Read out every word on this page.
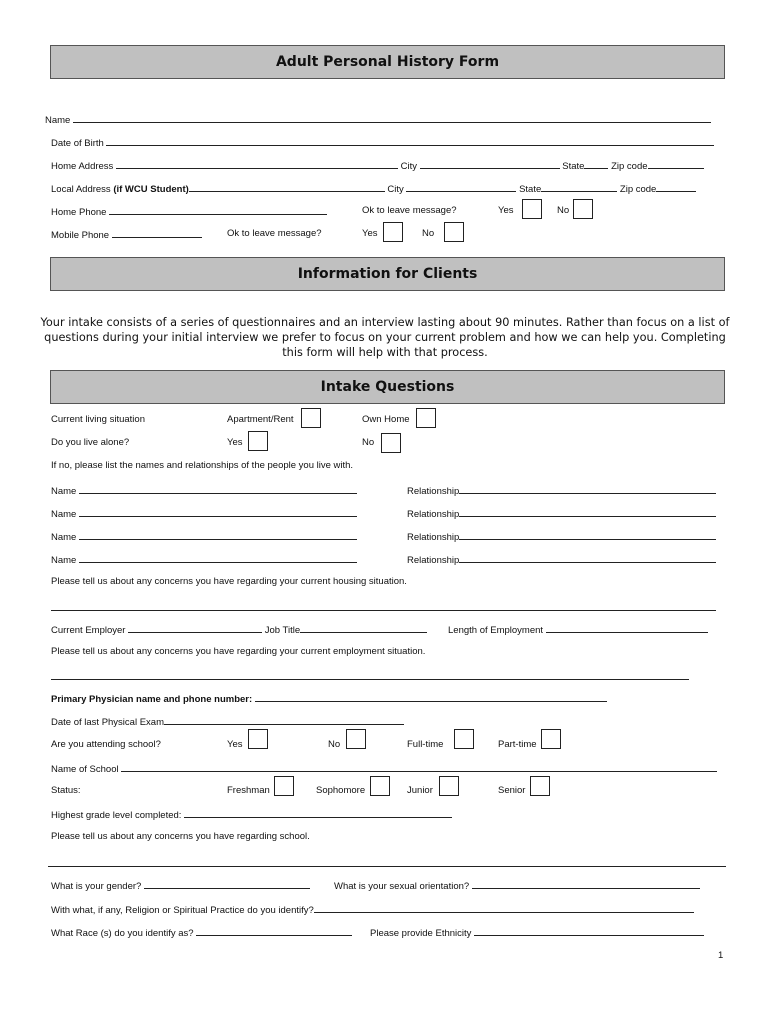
Adult Personal History Form
Name
Date of Birth
Home Address	City	State	Zip code
Local Address (if WCU Student)	City	State	Zip code
Home Phone	Ok to leave message?	Yes	No
Mobile Phone	Ok to leave message?	Yes	No
Information for Clients
Your intake consists of a series of questionnaires and an interview lasting about 90 minutes. Rather than focus on a list of questions during your initial interview we prefer to focus on your current problem and how we can help you. Completing this form will help with that process.
Intake Questions
Current living situation	Apartment/Rent	Own Home
Do you live alone?	Yes	No
If no, please list the names and relationships of the people you live with.
Name	Relationship
Name	Relationship
Name	Relationship
Name	Relationship
Please tell us about any concerns you have regarding your current housing situation.
Current Employer	Job Title	Length of Employment
Please tell us about any concerns you have regarding your current employment situation.
Primary Physician name and phone number:
Date of last Physical Exam
Are you attending school?	Yes	No	Full-time	Part-time
Name of School
Status:	Freshman	Sophomore	Junior	Senior
Highest grade level completed:
Please tell us about any concerns you have regarding school.
What is your gender?	What is your sexual orientation?
With what, if any, Religion or Spiritual Practice do you identify?
What Race (s) do you identify as?	Please provide Ethnicity
1
